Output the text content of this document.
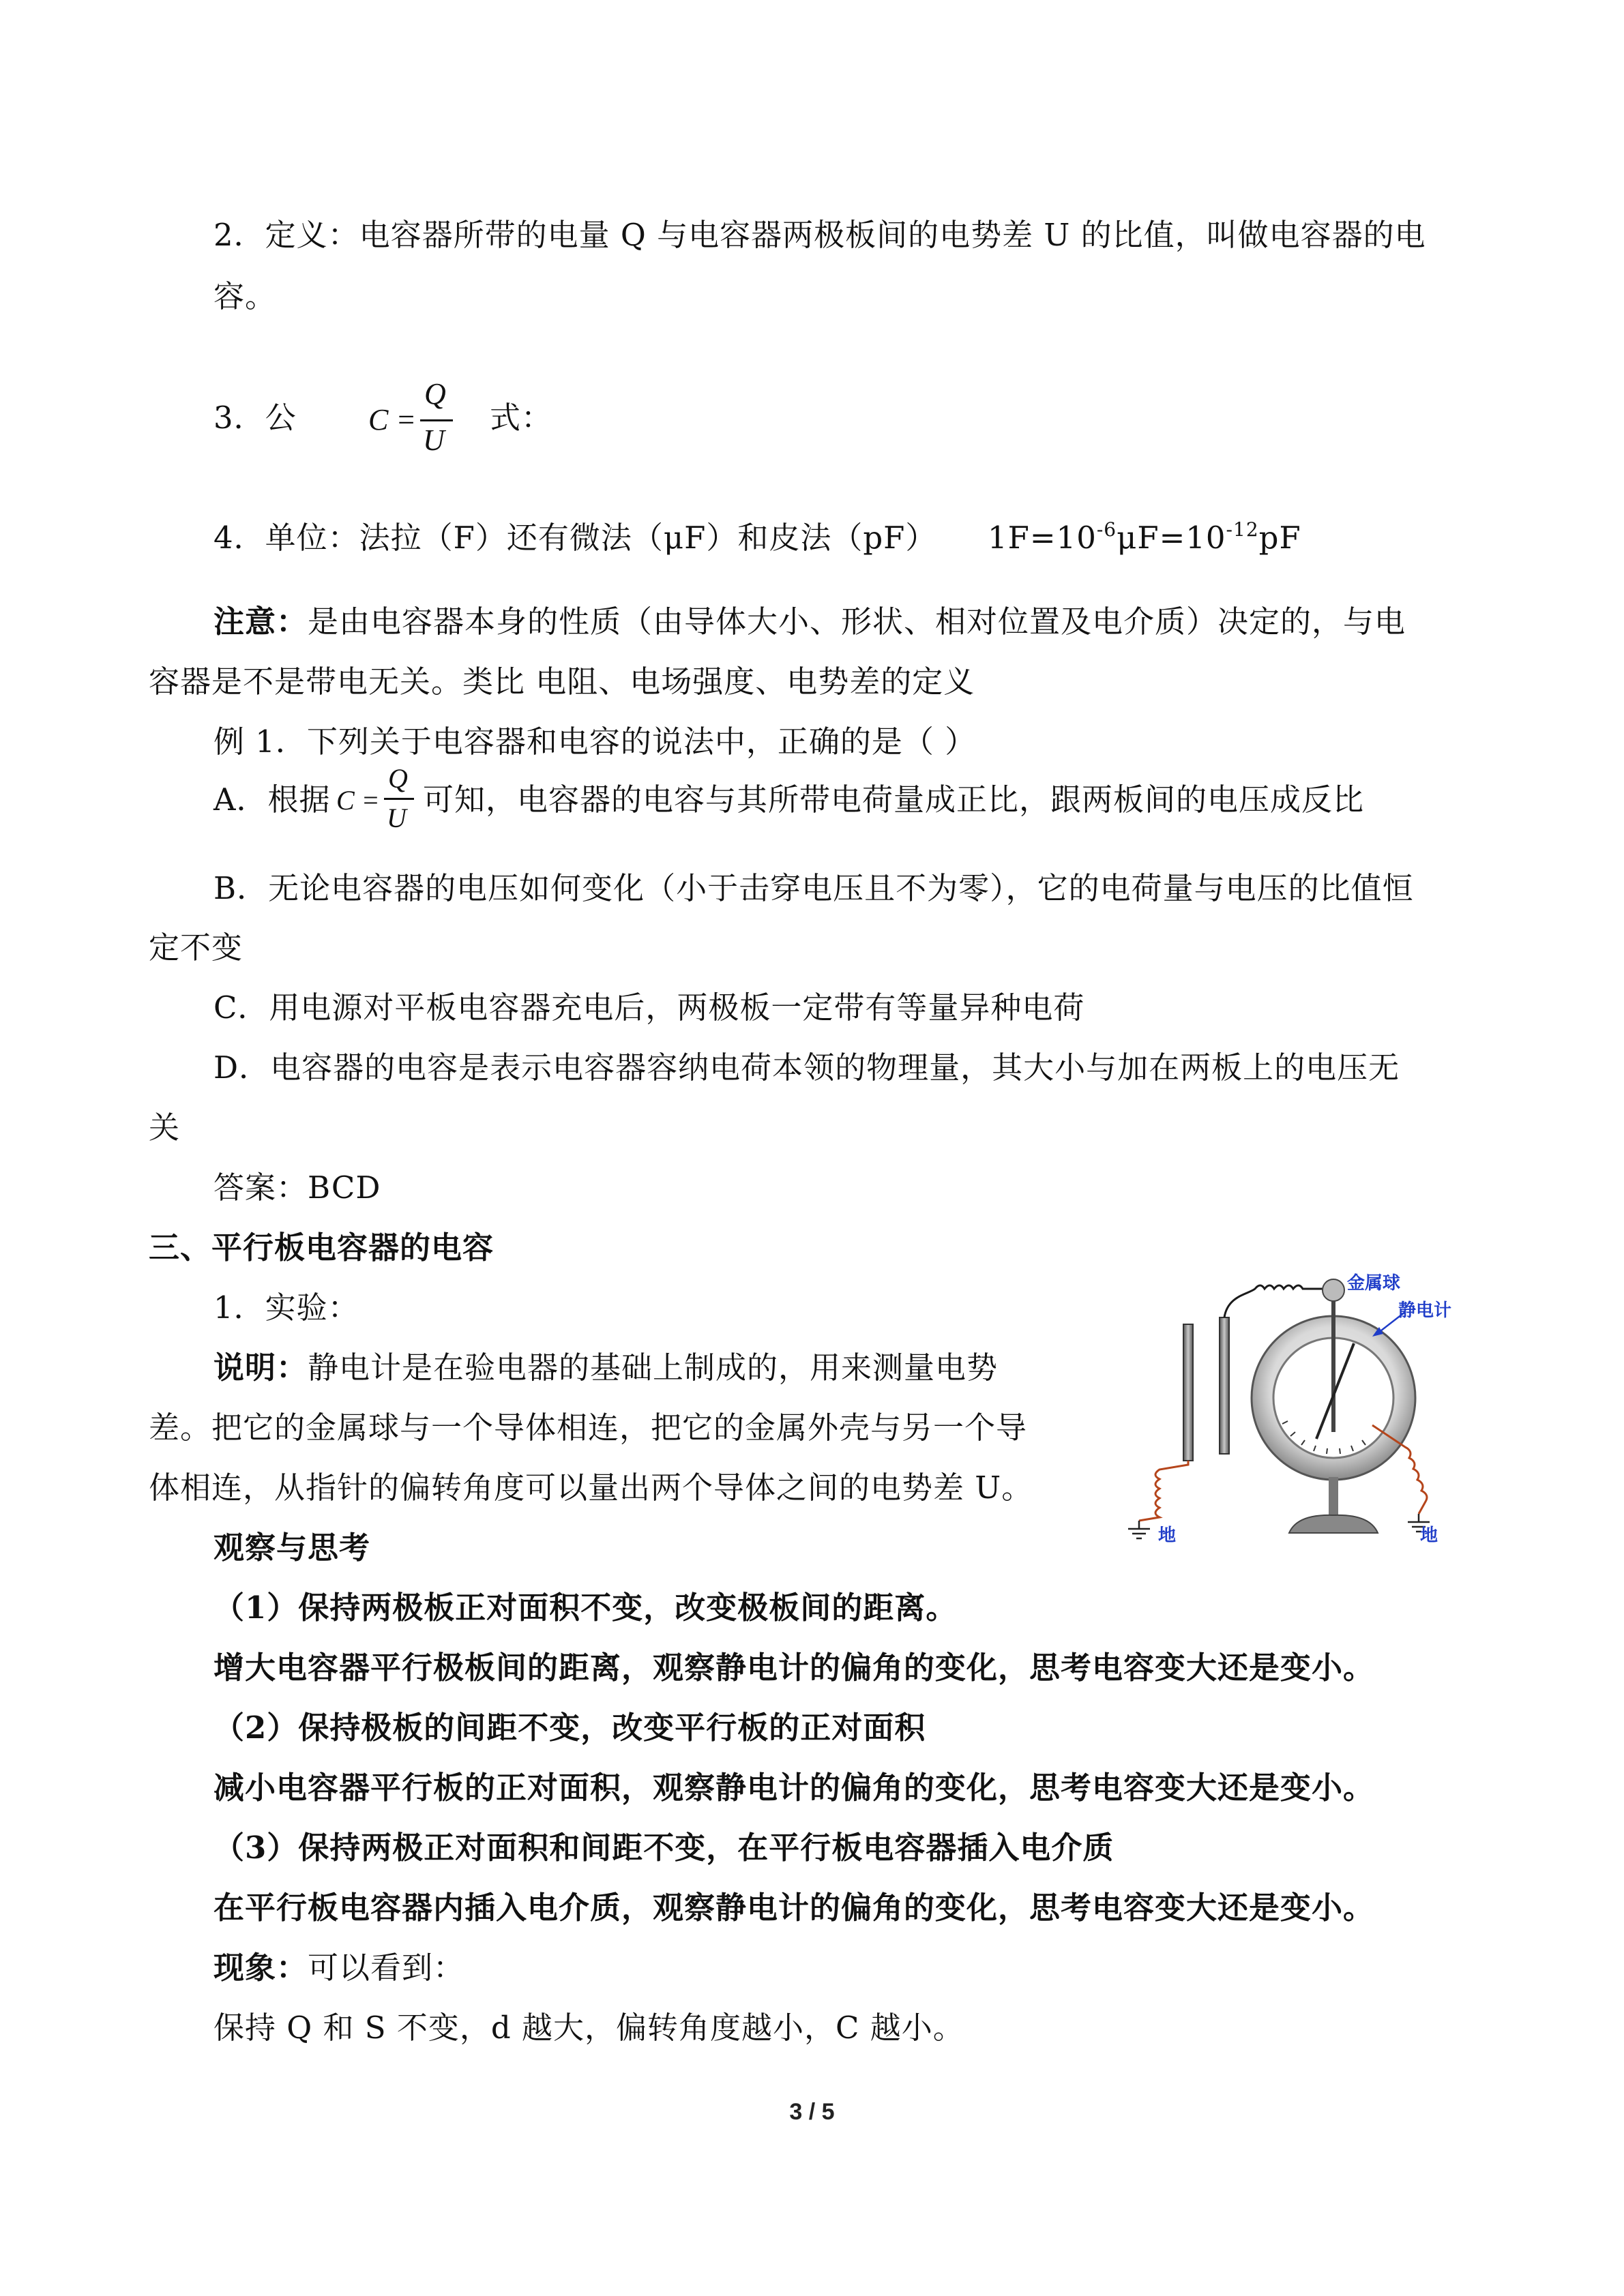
2．定义：电容器所带的电量 Q 与电容器两极板间的电势差 U 的比值，叫做电容器的电
容。
3．公 C =
Q
U
式：
4．单位：法拉（F）还有微法（μF）和皮法（pF） $1F=10^{-6}\mu F=10^{-12}pF$
注意：是由电容器本身的性质（由导体大小、形状、相对位置及电介质）决定的，与电
容器是不是带电无关。类比 电阻、电场强度、电势差的定义
例 1．下列关于电容器和电容的说法中，正确的是（ ）
A．根据 C =
Q
U
可知，电容器的电容与其所带电荷量成正比，跟两板间的电压成反比
B．无论电容器的电压如何变化（小于击穿电压且不为零），它的电荷量与电压的比值恒
定不变
C．用电源对平板电容器充电后，两极板一定带有等量异种电荷
D．电容器的电容是表示电容器容纳电荷本领的物理量，其大小与加在两板上的电压无
关
答案：BCD
三、平行板电容器的电容
1．实验：
说明：静电计是在验电器的基础上制成的，用来测量电势
差。把它的金属球与一个导体相连，把它的金属外壳与另一个导
体相连，从指针的偏转角度可以量出两个导体之间的电势差 U。
金属球
静电计
地	地
观察与思考
（1）保持两极板正对面积不变，改变极板间的距离。
增大电容器平行极板间的距离，观察静电计的偏角的变化，思考电容变大还是变小。
（2）保持极板的间距不变，改变平行板的正对面积
减小电容器平行板的正对面积，观察静电计的偏角的变化，思考电容变大还是变小。
（3）保持两极正对面积和间距不变，在平行板电容器插入电介质
在平行板电容器内插入电介质，观察静电计的偏角的变化，思考电容变大还是变小。
现象：可以看到：
保持 Q 和 S 不变，d 越大，偏转角度越小，C 越小。
3 / 5
